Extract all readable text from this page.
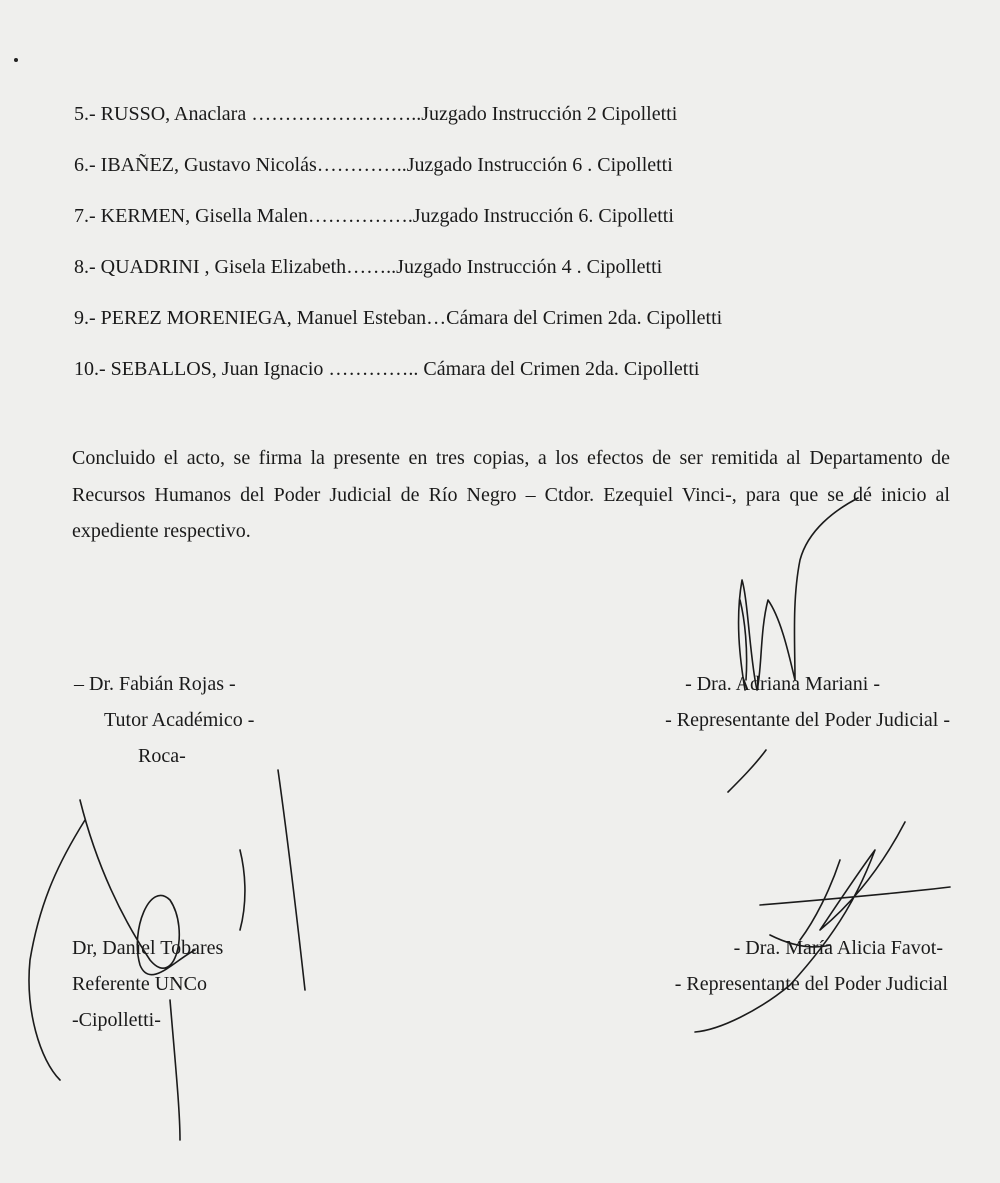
5.- RUSSO, Anaclara ……………………..Juzgado Instrucción 2 Cipolletti
6.- IBAÑEZ, Gustavo Nicolás…………..Juzgado Instrucción 6 . Cipolletti
7.- KERMEN, Gisella Malen…………….Juzgado Instrucción 6. Cipolletti
8.- QUADRINI , Gisela Elizabeth……..Juzgado Instrucción 4 . Cipolletti
9.- PEREZ MORENIEGA, Manuel Esteban…Cámara del Crimen 2da. Cipolletti
10.- SEBALLOS, Juan Ignacio ………….. Cámara del Crimen 2da. Cipolletti

Concluido el acto, se firma la presente en tres copias, a los efectos de ser remitida al Departamento de Recursos Humanos del Poder Judicial de Río Negro – Ctdor. Ezequiel Vinci-, para que se dé inicio al expediente respectivo.

– Dr. Fabián Rojas -
Tutor Académico -
Roca-
- Dra. Adriana Mariani -
- Representante del Poder Judicial -
Dr, Daniel Tobares
Referente UNCo
-Cipolletti-
- Dra. María Alicia Favot-
- Representante del Poder Judicial
